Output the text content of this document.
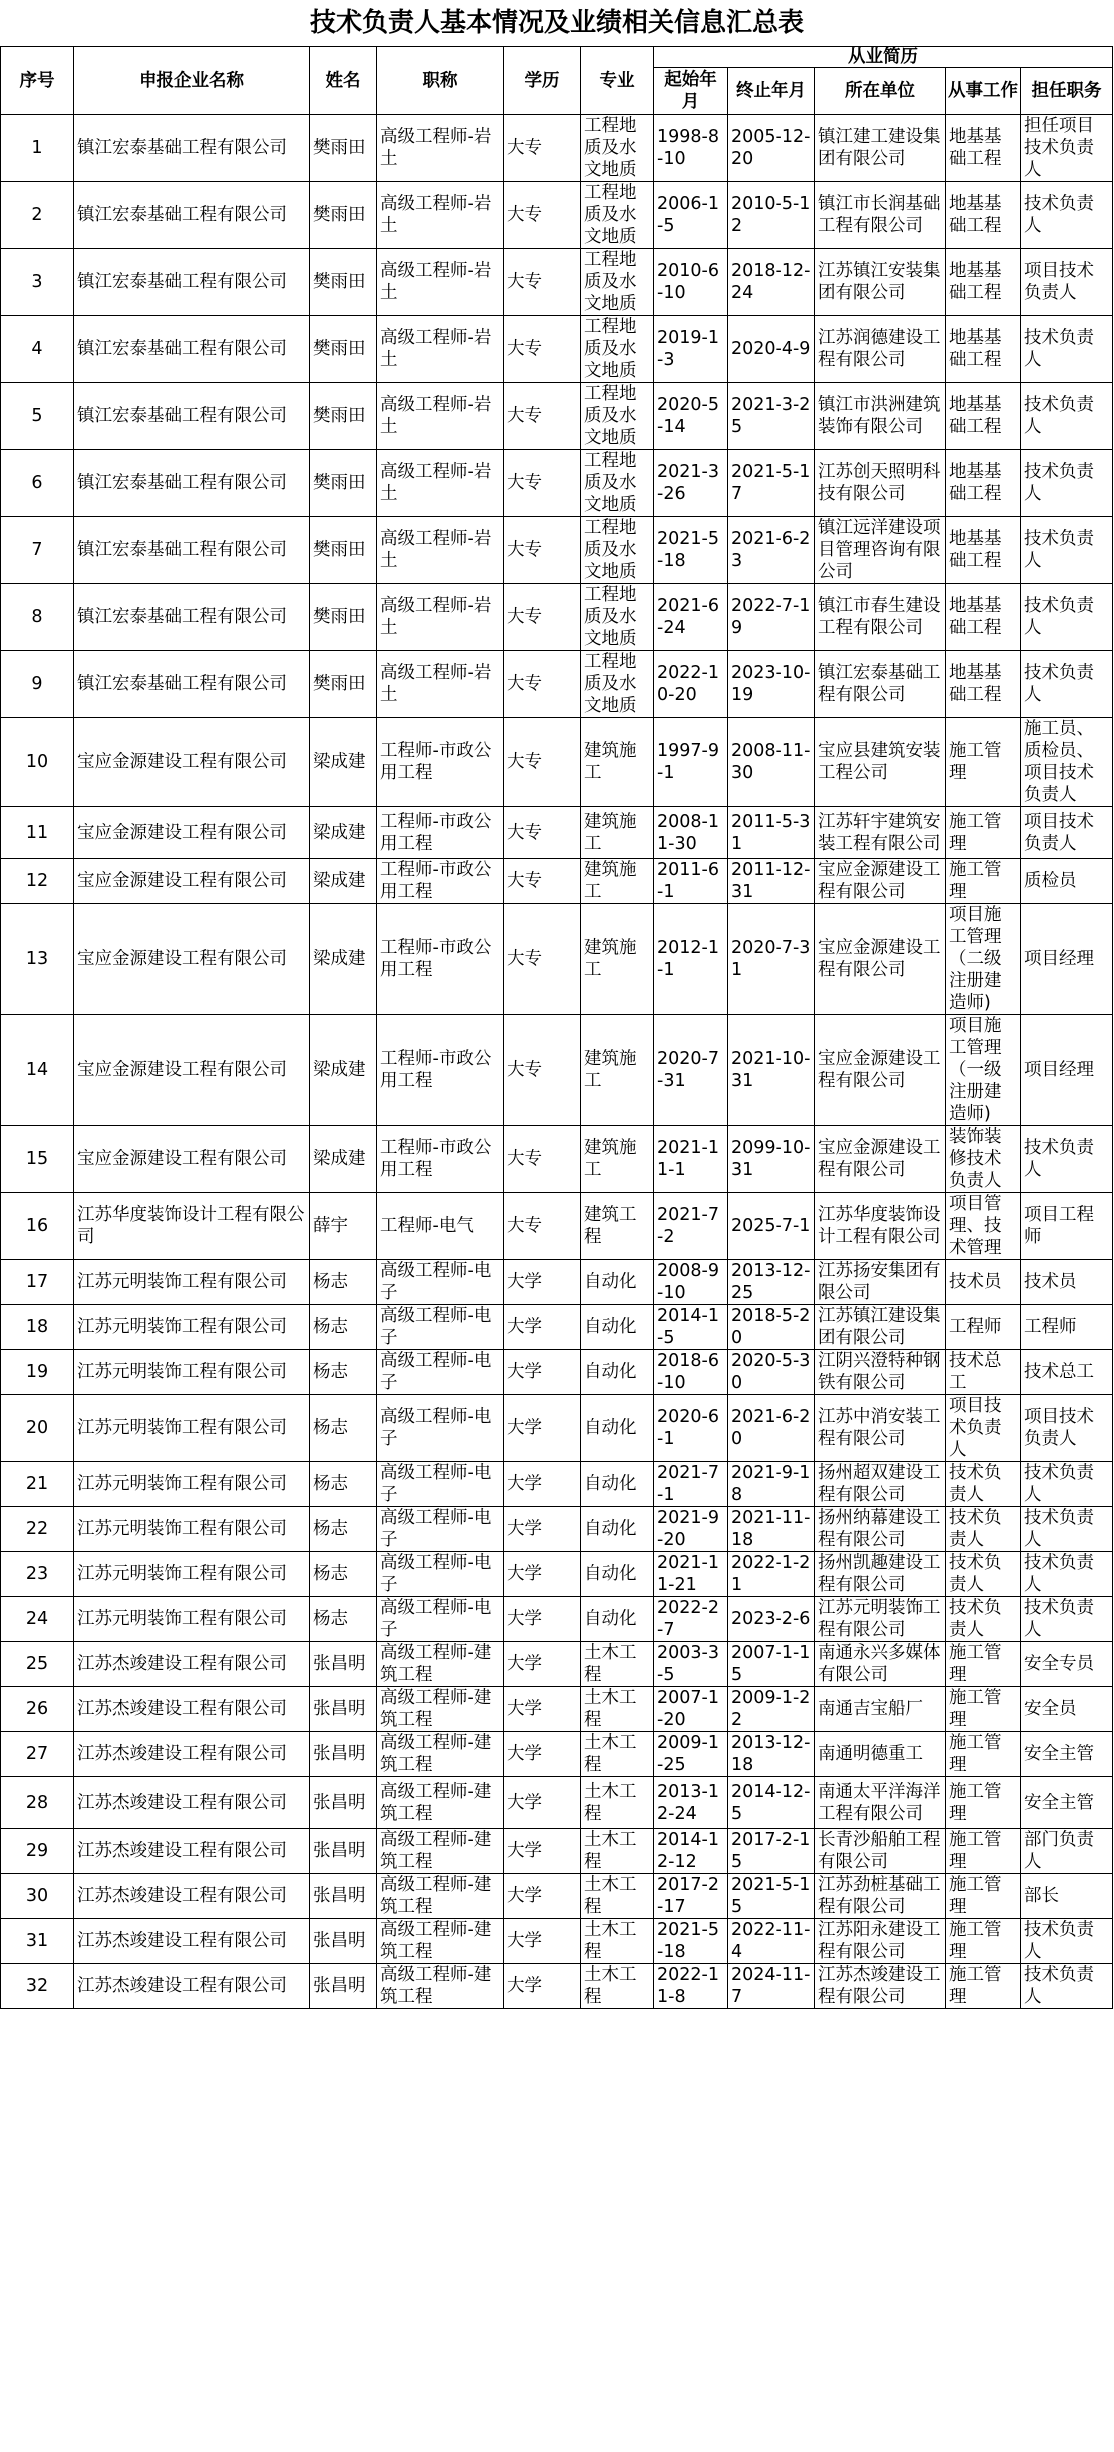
技术负责人基本情况及业绩相关信息汇总表
序号	申报企业名称	姓名	职称	学历	专业	从业简历				
						起始年月	终止年月	所在单位	从事工作	担任职务
1	镇江宏泰基础工程有限公司	樊雨田	高级工程师-岩土	大专	工程地质及水文地质	1998-8-10	2005-12-20	镇江建工建设集团有限公司	地基基础工程	担任项目技术负责人
2	镇江宏泰基础工程有限公司	樊雨田	高级工程师-岩土	大专	工程地质及水文地质	2006-1-5	2010-5-12	镇江市长润基础工程有限公司	地基基础工程	技术负责人
3	镇江宏泰基础工程有限公司	樊雨田	高级工程师-岩土	大专	工程地质及水文地质	2010-6-10	2018-12-24	江苏镇江安装集团有限公司	地基基础工程	项目技术负责人
4	镇江宏泰基础工程有限公司	樊雨田	高级工程师-岩土	大专	工程地质及水文地质	2019-1-3	2020-4-9	江苏润德建设工程有限公司	地基基础工程	技术负责人
5	镇江宏泰基础工程有限公司	樊雨田	高级工程师-岩土	大专	工程地质及水文地质	2020-5-14	2021-3-25	镇江市洪洲建筑装饰有限公司	地基基础工程	技术负责人
6	镇江宏泰基础工程有限公司	樊雨田	高级工程师-岩土	大专	工程地质及水文地质	2021-3-26	2021-5-17	江苏创天照明科技有限公司	地基基础工程	技术负责人
7	镇江宏泰基础工程有限公司	樊雨田	高级工程师-岩土	大专	工程地质及水文地质	2021-5-18	2021-6-23	镇江远洋建设项目管理咨询有限公司	地基基础工程	技术负责人
8	镇江宏泰基础工程有限公司	樊雨田	高级工程师-岩土	大专	工程地质及水文地质	2021-6-24	2022-7-19	镇江市春生建设工程有限公司	地基基础工程	技术负责人
9	镇江宏泰基础工程有限公司	樊雨田	高级工程师-岩土	大专	工程地质及水文地质	2022-10-20	2023-10-19	镇江宏泰基础工程有限公司	地基基础工程	技术负责人
10	宝应金源建设工程有限公司	梁成建	工程师-市政公用工程	大专	建筑施工	1997-9-1	2008-11-30	宝应县建筑安装工程公司	施工管理	施工员、质检员、项目技术负责人
11	宝应金源建设工程有限公司	梁成建	工程师-市政公用工程	大专	建筑施工	2008-11-30	2011-5-31	江苏轩宇建筑安装工程有限公司	施工管理	项目技术负责人
12	宝应金源建设工程有限公司	梁成建	工程师-市政公用工程	大专	建筑施工	2011-6-1	2011-12-31	宝应金源建设工程有限公司	施工管理	质检员
13	宝应金源建设工程有限公司	梁成建	工程师-市政公用工程	大专	建筑施工	2012-1-1	2020-7-31	宝应金源建设工程有限公司	项目施工管理（二级注册建造师)	项目经理
14	宝应金源建设工程有限公司	梁成建	工程师-市政公用工程	大专	建筑施工	2020-7-31	2021-10-31	宝应金源建设工程有限公司	项目施工管理（一级注册建造师)	项目经理
15	宝应金源建设工程有限公司	梁成建	工程师-市政公用工程	大专	建筑施工	2021-11-1	2099-10-31	宝应金源建设工程有限公司	装饰装修技术负责人	技术负责人
16	江苏华度装饰设计工程有限公司	薛宇	工程师-电气	大专	建筑工程	2021-7-2	2025-7-1	江苏华度装饰设计工程有限公司	项目管理、技术管理	项目工程师
17	江苏元明装饰工程有限公司	杨志	高级工程师-电子	大学	自动化	2008-9-10	2013-12-25	江苏扬安集团有限公司	技术员	技术员
18	江苏元明装饰工程有限公司	杨志	高级工程师-电子	大学	自动化	2014-1-5	2018-5-20	江苏镇江建设集团有限公司	工程师	工程师
19	江苏元明装饰工程有限公司	杨志	高级工程师-电子	大学	自动化	2018-6-10	2020-5-30	江阴兴澄特种钢铁有限公司	技术总工	技术总工
20	江苏元明装饰工程有限公司	杨志	高级工程师-电子	大学	自动化	2020-6-1	2021-6-20	江苏中消安装工程有限公司	项目技术负责人	项目技术负责人
21	江苏元明装饰工程有限公司	杨志	高级工程师-电子	大学	自动化	2021-7-1	2021-9-18	扬州超双建设工程有限公司	技术负责人	技术负责人
22	江苏元明装饰工程有限公司	杨志	高级工程师-电子	大学	自动化	2021-9-20	2021-11-18	扬州纳幕建设工程有限公司	技术负责人	技术负责人
23	江苏元明装饰工程有限公司	杨志	高级工程师-电子	大学	自动化	2021-11-21	2022-1-21	扬州凯趣建设工程有限公司	技术负责人	技术负责人
24	江苏元明装饰工程有限公司	杨志	高级工程师-电子	大学	自动化	2022-2-7	2023-2-6	江苏元明装饰工程有限公司	技术负责人	技术负责人
25	江苏杰竣建设工程有限公司	张昌明	高级工程师-建筑工程	大学	土木工程	2003-3-5	2007-1-15	南通永兴多媒体有限公司	施工管理	安全专员
26	江苏杰竣建设工程有限公司	张昌明	高级工程师-建筑工程	大学	土木工程	2007-1-20	2009-1-22	南通吉宝船厂	施工管理	安全员
27	江苏杰竣建设工程有限公司	张昌明	高级工程师-建筑工程	大学	土木工程	2009-1-25	2013-12-18	南通明德重工	施工管理	安全主管
28	江苏杰竣建设工程有限公司	张昌明	高级工程师-建筑工程	大学	土木工程	2013-12-24	2014-12-5	南通太平洋海洋工程有限公司	施工管理	安全主管
29	江苏杰竣建设工程有限公司	张昌明	高级工程师-建筑工程	大学	土木工程	2014-12-12	2017-2-15	长青沙船舶工程有限公司	施工管理	部门负责人
30	江苏杰竣建设工程有限公司	张昌明	高级工程师-建筑工程	大学	土木工程	2017-2-17	2021-5-15	江苏劲桩基础工程有限公司	施工管理	部长
31	江苏杰竣建设工程有限公司	张昌明	高级工程师-建筑工程	大学	土木工程	2021-5-18	2022-11-4	江苏阳永建设工程有限公司	施工管理	技术负责人
32	江苏杰竣建设工程有限公司	张昌明	高级工程师-建筑工程	大学	土木工程	2022-11-8	2024-11-7	江苏杰竣建设工程有限公司	施工管理	技术负责人
